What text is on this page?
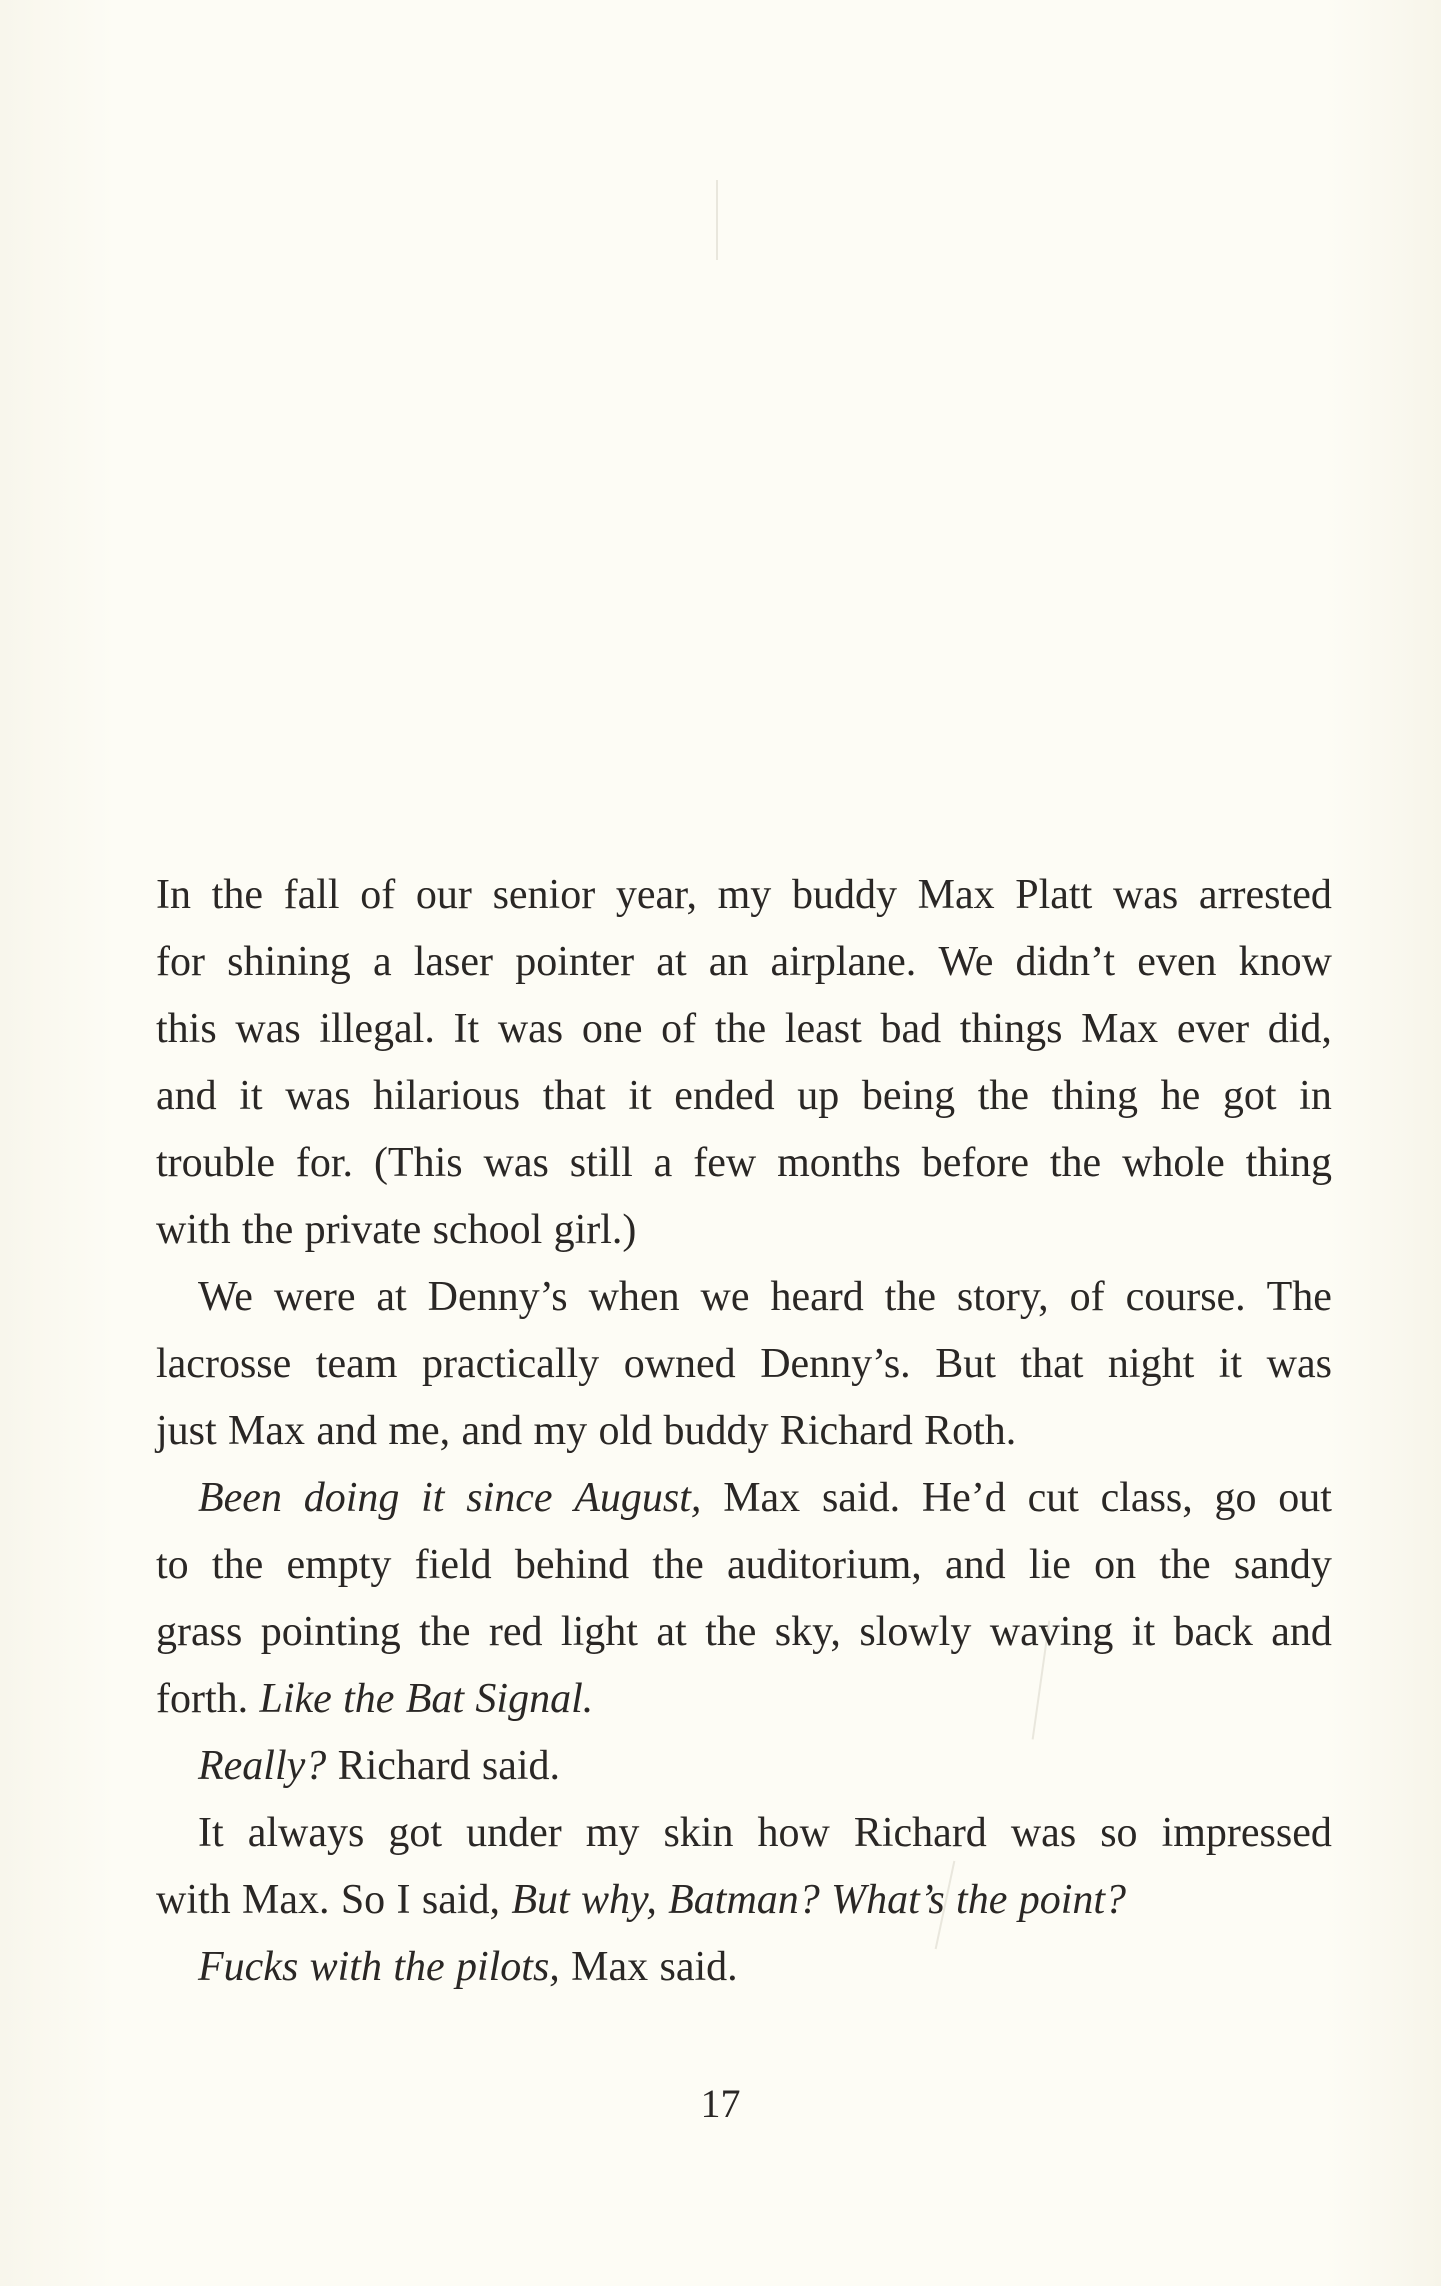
In the fall of our senior year, my buddy Max Platt was arrested
for shining a laser pointer at an airplane. We didn’t even know
this was illegal. It was one of the least bad things Max ever did,
and it was hilarious that it ended up being the thing he got in
trouble for. (This was still a few months before the whole thing
with the private school girl.)
We were at Denny’s when we heard the story, of course. The
lacrosse team practically owned Denny’s. But that night it was
just Max and me, and my old buddy Richard Roth.
Been doing it since August, Max said. He’d cut class, go out
to the empty field behind the auditorium, and lie on the sandy
grass pointing the red light at the sky, slowly waving it back and
forth. Like the Bat Signal.
Really? Richard said.
It always got under my skin how Richard was so impressed
with Max. So I said, But why, Batman? What’s the point?
Fucks with the pilots, Max said.
17
